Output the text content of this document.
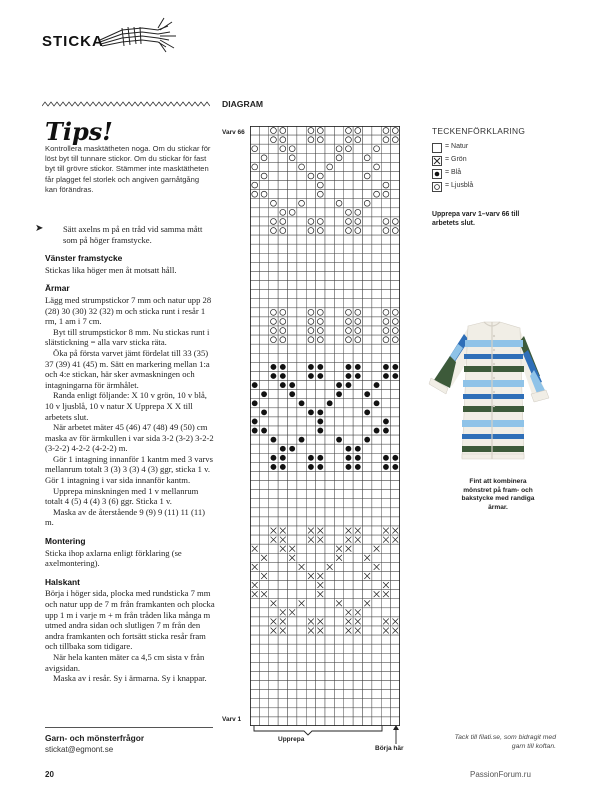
STICKA
Tips!
Kontrollera masktätheten noga. Om du stickar för löst byt till tunnare stickor. Om du stickar för fast byt till grövre stickor. Stämmer inte masktätheten får plagget fel storlek och angiven garnåtgång kan förändras.

➤ Sätt axelns m på en tråd vid samma mått som på höger framstycke.

Vänster framstycke

Stickas lika höger men åt motsatt håll.

Ärmar

Lägg med strumpstickor 7 mm och natur upp 28 (28) 30 (30) 32 (32) m och sticka runt i resår 1 rm, 1 am i 7 cm.

Byt till strumpstickor 8 mm. Nu stickas runt i slätstickning = alla varv sticka räta.

Öka på första varvet jämt fördelat till 33 (35) 37 (39) 41 (45) m. Sätt en markering mellan 1:a och 4:e stickan, här sker avmaskningen och intagningarna för ärmhålet.

Randa enligt följande: X 10 v grön, 10 v blå, 10 v ljusblå, 10 v natur X Upprepa X X till arbetets slut.

När arbetet mäter 45 (46) 47 (48) 49 (50) cm maska av för ärmkullen i var sida 3-2 (3-2) 3-2-2 (3-2-2) 4-2-2 (4-2-2) m.

Gör 1 intagning innanför 1 kantm med 3 varvs mellanrum totalt 3 (3) 3 (3) 4 (3) ggr, sticka 1 v. Gör 1 intagning i var sida innanför kantm.

Upprepa minskningen med 1 v mellanrum totalt 4 (5) 4 (4) 3 (6) ggr. Sticka 1 v.

Maska av de återstående 9 (9) 9 (11) 11 (11) m.

Montering

Sticka ihop axlarna enligt förklaring (se axelmontering).

Halskant

Börja i höger sida, plocka med rundsticka 7 mm och natur upp de 7 m från framkanten och plocka upp 1 m i varje m + m från tråden lika många m utmed andra sidan och slutligen 7 m från den andra framkanten och fortsätt sticka resår fram och tillbaka som tidigare.

När hela kanten mäter ca 4,5 cm sista v från avigsidan.

Maska av i resår. Sy i ärmarna. Sy i knappar.

Garn- och mönsterfrågor
stickat@egmont.se
20
DIAGRAM
Varv 66
Varv 1
Upprepa
Börja här
TECKENFÖRKLARING
= Natur
= Grön
= Blå
= Ljusblå
Upprepa varv 1–varv 66 till arbetets slut.
Fint att kombinera mönstret på fram- och bakstycke med randiga ärmar.
Tack till filati.se, som bidragit med garn till koftan.
PassionForum.ru
